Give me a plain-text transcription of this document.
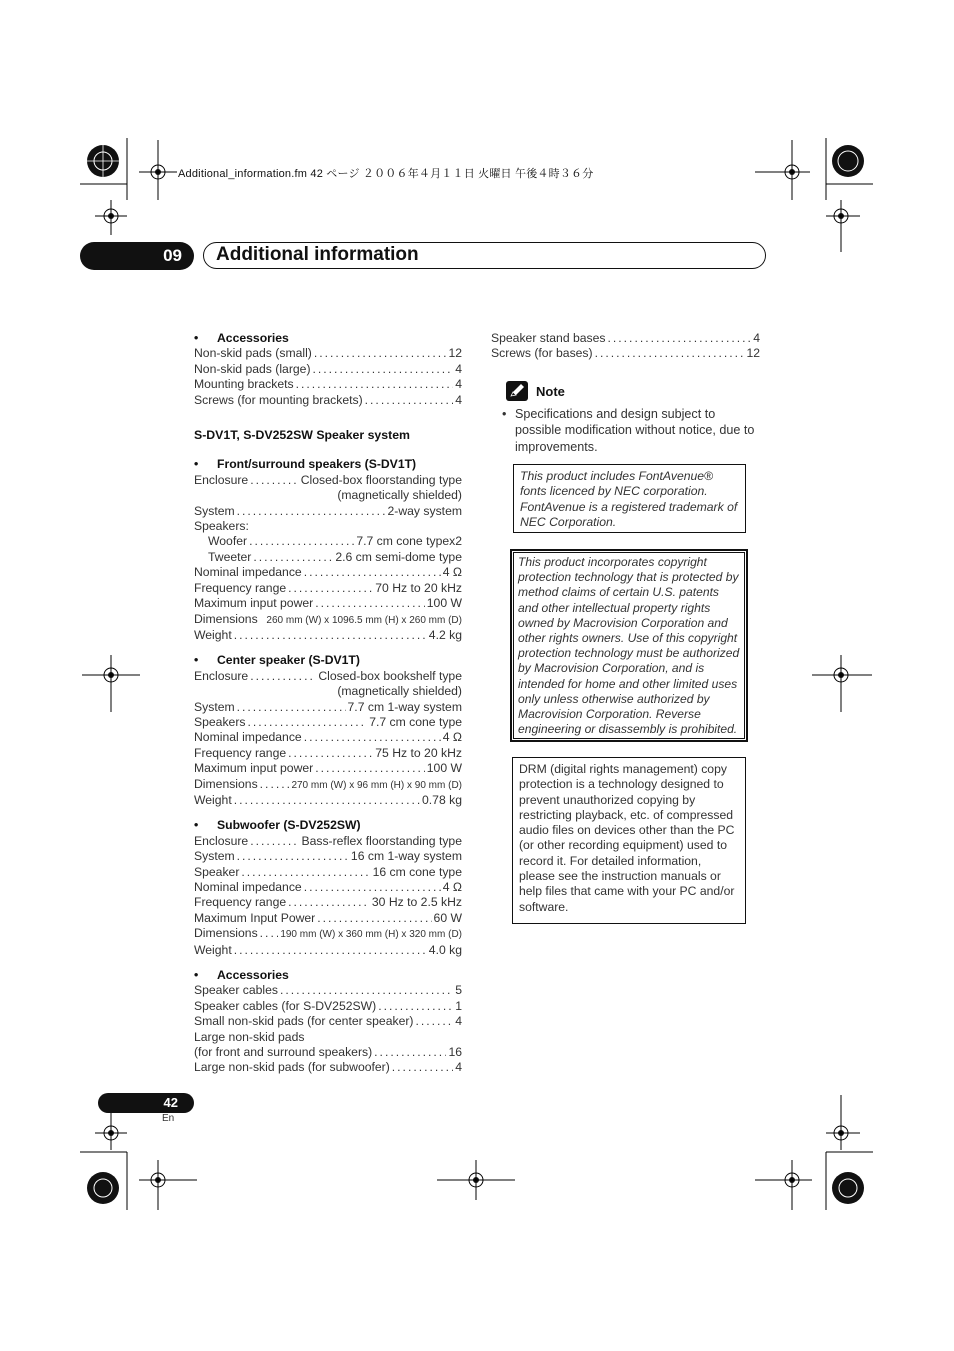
Additional_information.fm 42 ページ ２００６年４月１１日 火曜日 午後４時３６分
09	Additional information
•	Accessories
Non-skid pads (small) .....	12
Non-skid pads (large) .....	4
Mounting brackets .....	4
Screws (for mounting brackets) .....	4
S-DV1T, S-DV252SW Speaker system
•	Front/surround speakers (S-DV1T)
Enclosure .....	Closed-box floorstanding type
(magnetically shielded)
System .....	2-way system
Speakers:
Woofer .....	7.7 cm cone typex2
Tweeter .....	2.6 cm semi-dome type
Nominal impedance .....	4 Ω
Frequency range .....	70 Hz to 20 kHz
Maximum input power .....	100 W
Dimensions 260 mm (W) x 1096.5 mm (H) x 260 mm (D)
Weight .....	4.2 kg
•	Center speaker (S-DV1T)
Enclosure .....	Closed-box bookshelf type
(magnetically shielded)
System .....	7.7 cm 1-way system
Speakers .....	7.7 cm cone type
Nominal impedance .....	4 Ω
Frequency range .....	75 Hz to 20 kHz
Maximum input power .....	100 W
Dimensions .....	270 mm (W) x 96 mm (H) x 90 mm (D)
Weight .....	0.78 kg
•	Subwoofer (S-DV252SW)
Enclosure .....	Bass-reflex floorstanding type
System .....	16 cm 1-way system
Speaker .....	16 cm cone type
Nominal impedance .....	4 Ω
Frequency range .....	30 Hz to 2.5 kHz
Maximum Input Power .....	60 W
Dimensions ..... 190 mm (W) x 360 mm (H) x 320 mm (D)
Weight .....	4.0 kg
•	Accessories
Speaker cables .....	5
Speaker cables (for S-DV252SW) .....	1
Small non-skid pads (for center speaker) .....	4
Large non-skid pads
(for front and surround speakers) .....	16
Large non-skid pads (for subwoofer) .....	4
Speaker stand bases .....	4
Screws (for bases) .....	12
Note
• Specifications and design subject to possible modification without notice, due to improvements.
This product includes FontAvenue® fonts licenced by NEC corporation. FontAvenue is a registered trademark of NEC Corporation.
This product incorporates copyright protection technology that is protected by method claims of certain U.S. patents and other intellectual property rights owned by Macrovision Corporation and other rights owners. Use of this copyright protection technology must be authorized by Macrovision Corporation, and is intended for home and other limited uses only unless otherwise authorized by Macrovision Corporation. Reverse engineering or disassembly is prohibited.
DRM (digital rights management) copy protection is a technology designed to prevent unauthorized copying by restricting playback, etc. of compressed audio files on devices other than the PC (or other recording equipment) used to record it. For detailed information, please see the instruction manuals or help files that came with your PC and/or software.
42
En
